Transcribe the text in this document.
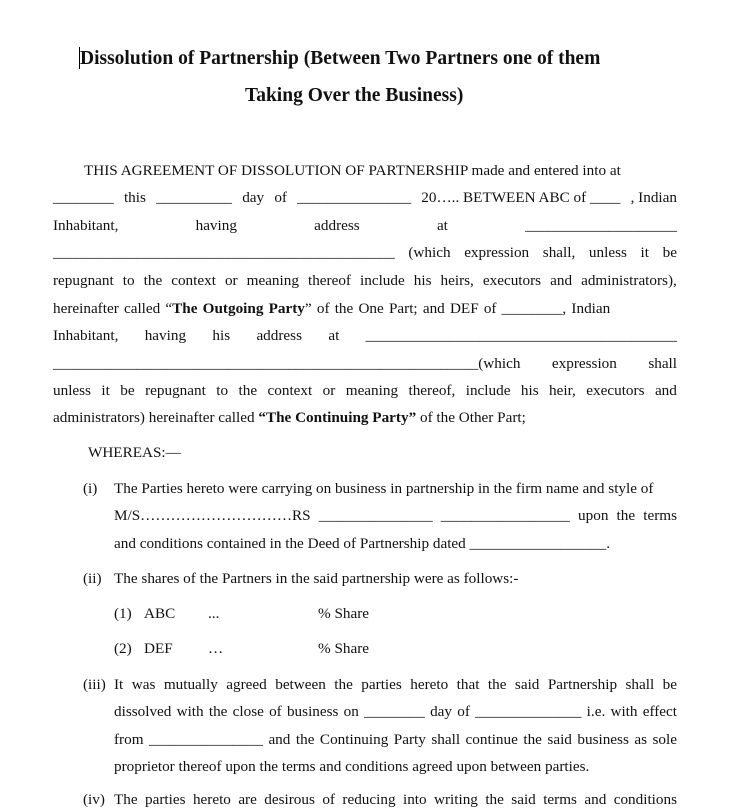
Dissolution of Partnership (Between Two Partners one of them
Taking Over the Business)
THIS AGREEMENT OF DISSOLUTION OF PARTNERSHIP made and entered into at
________ this __________ day of _______________ 20….. BETWEEN ABC of ____ , Indian
Inhabitant,	having	address	at	____________________
_____________________________________________ (which expression shall, unless it be
repugnant to the context or meaning thereof include his heirs, executors and administrators),
hereinafter called “The Outgoing Party” of the One Part; and DEF of ________, Indian
Inhabitant, having his address at _________________________________________
________________________________________________________(which expression shall
unless it be repugnant to the context or meaning thereof, include his heir, executors and
administrators) hereinafter called “The Continuing Party” of the Other Part;
WHEREAS:—
(i) The Parties hereto were carrying on business in partnership in the firm name and style of
M/S…………………………RS _______________ _________________ upon the terms
and conditions contained in the Deed of Partnership dated __________________.
(ii) The shares of the Partners in the said partnership were as follows:-
(1) ABC ...	% Share
(2) DEF …	% Share
(iii) It was mutually agreed between the parties hereto that the said Partnership shall be
dissolved with the close of business on ________ day of ______________ i.e. with effect
from _______________ and the Continuing Party shall continue the said business as sole
proprietor thereof upon the terms and conditions agreed upon between parties.
(iv) The parties hereto are desirous of reducing into writing the said terms and conditions
